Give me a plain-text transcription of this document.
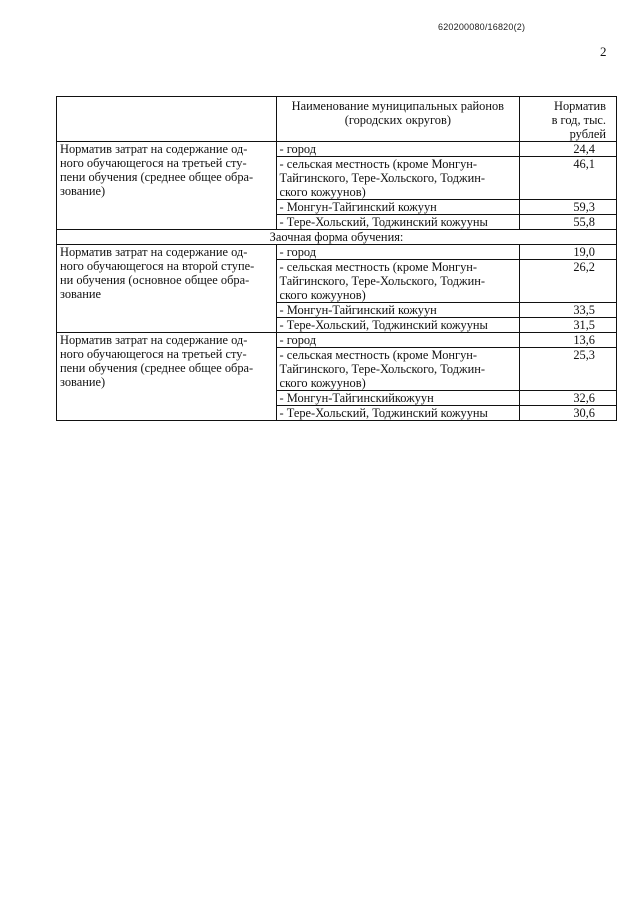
620200080/16820(2)
2
	Наименование муниципальных районов
(городских округов)	Норматив
в год, тыс.
рублей
Норматив затрат на содержание од-
ного обучающегося на третьей сту-
пени обучения (среднее общее обра-
зование)	- город	24,4
	- сельская местность (кроме Монгун-
Тайгинского, Тере-Хольского, Тоджин-
ского кожуунов)	46,1
	- Монгун-Тайгинский кожуун	59,3
	- Тере-Хольский, Тоджинский кожууны	55,8
Заочная форма обучения:		
Норматив затрат на содержание од-
ного обучающегося на второй ступе-
ни обучения (основное общее обра-
зование	- город	19,0
	- сельская местность (кроме Монгун-
Тайгинского, Тере-Хольского, Тоджин-
ского кожуунов)	26,2
	- Монгун-Тайгинский кожуун	33,5
	- Тере-Хольский, Тоджинский кожууны	31,5
Норматив затрат на содержание од-
ного обучающегося на третьей сту-
пени обучения (среднее общее обра-
зование)	- город	13,6
	- сельская местность (кроме Монгун-
Тайгинского, Тере-Хольского, Тоджин-
ского кожуунов)	25,3
	- Монгун-Тайгинскийкожуун	32,6
	- Тере-Хольский, Тоджинский кожууны	30,6
